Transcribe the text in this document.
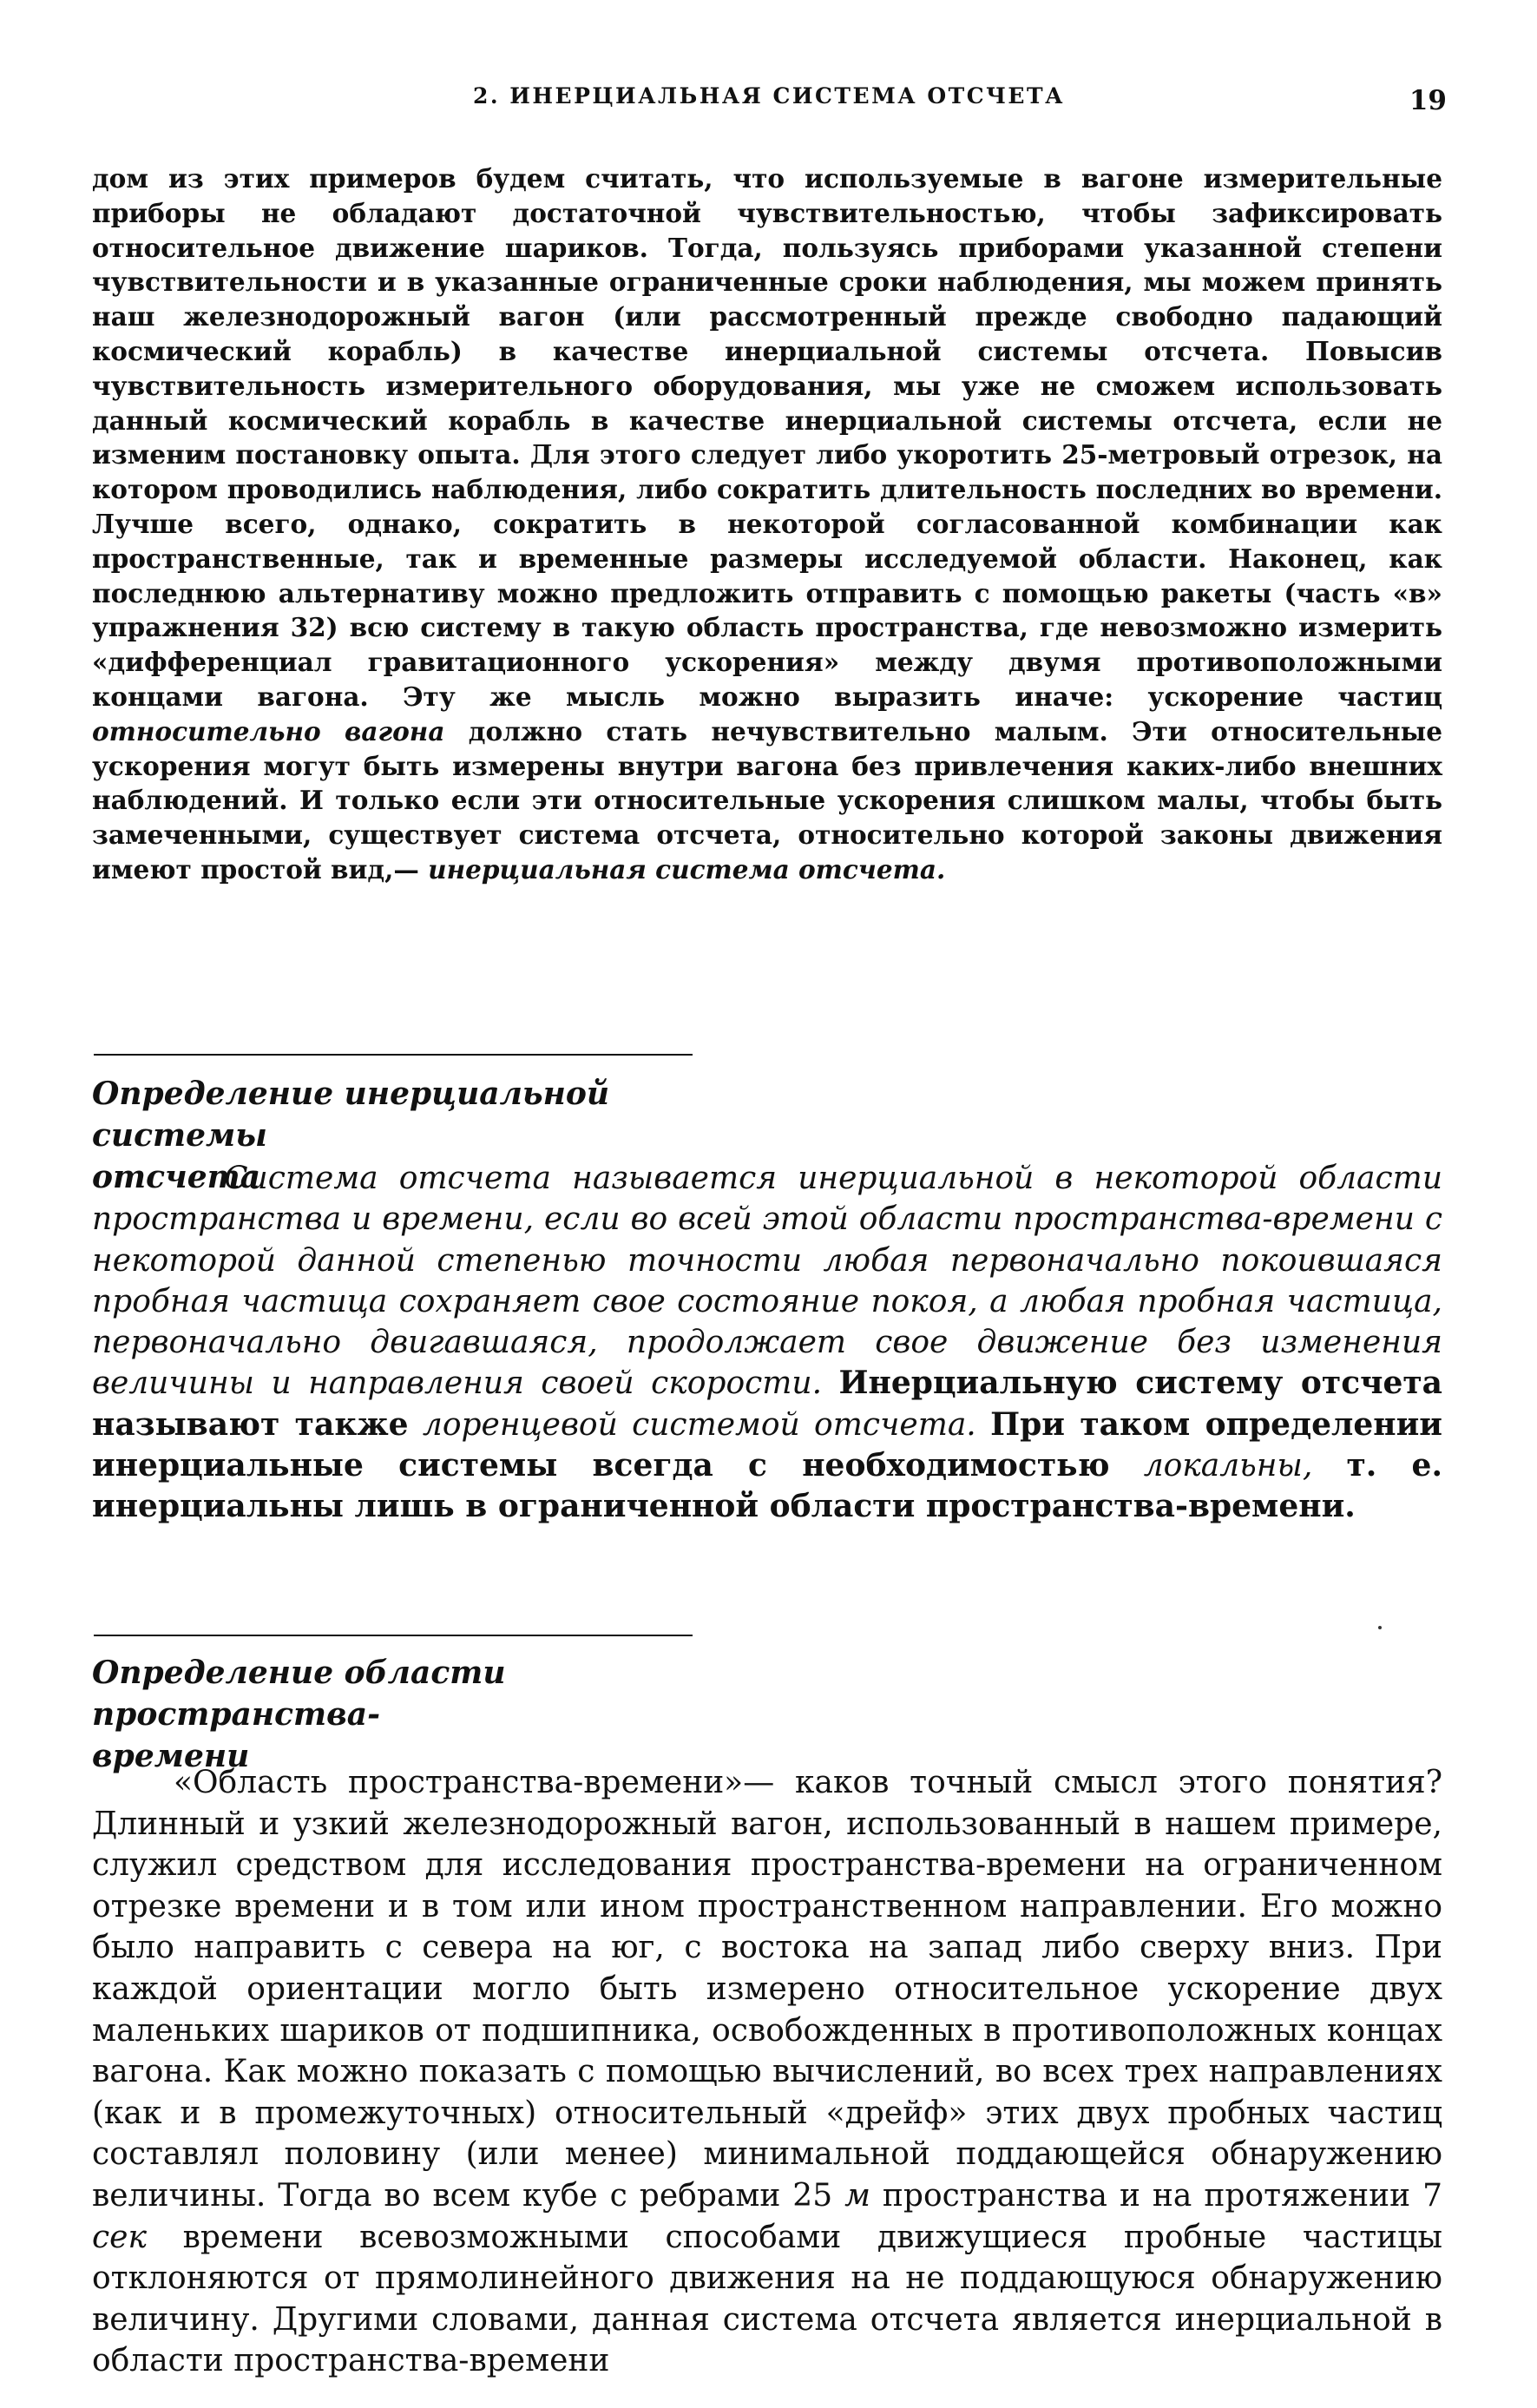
2. ИНЕРЦИАЛЬНАЯ СИСТЕМА ОТСЧЕТА	19

дом из этих примеров будем считать, что используемые в вагоне измерительные приборы не обладают достаточной чувствительностью, чтобы зафиксировать относительное движение шариков. Тогда, пользуясь приборами указанной степени чувствительности и в указанные ограниченные сроки наблюдения, мы можем принять наш железнодорожный вагон (или рассмотренный прежде свободно падающий космический корабль) в качестве инерциальной системы отсчета. Повысив чувствительность измерительного оборудования, мы уже не сможем использовать данный космический корабль в качестве инерциальной системы отсчета, если не изменим постановку опыта. Для этого следует либо укоротить 25-метровый отрезок, на котором проводились наблюдения, либо сократить длительность последних во времени. Лучше всего, однако, сократить в некоторой согласованной комбинации как пространственные, так и временные размеры исследуемой области. Наконец, как последнюю альтернативу можно предложить отправить с помощью ракеты (часть «в» упражнения 32) всю систему в такую область пространства, где невозможно измерить «дифференциал гравитационного ускорения» между двумя противоположными концами вагона. Эту же мысль можно выразить иначе: ускорение частиц относительно вагона должно стать нечувствительно малым. Эти относительные ускорения могут быть измерены внутри вагона без привлечения каких-либо внешних наблюдений. И только если эти относительные ускорения слишком малы, чтобы быть замеченными, существует система отсчета, относительно которой законы движения имеют простой вид,— инерциальная система отсчета.

Определение инерциальной системы
отсчета

Система отсчета называется инерциальной в некоторой области пространства и времени, если во всей этой области пространства-времени с некоторой данной степенью точности любая первоначально покоившаяся пробная частица сохраняет свое состояние покоя, а любая пробная частица, первоначально двигавшаяся, продолжает свое движение без изменения величины и направления своей скорости. Инерциальную систему отсчета называют также лоренцевой системой отсчета. При таком определении инерциальные системы всегда с необходимостью локальны, т. е. инерциальны лишь в ограниченной области пространства-времени.

Определение области пространства-
времени

«Область пространства-времени»— каков точный смысл этого понятия? Длинный и узкий железнодорожный вагон, использованный в нашем примере, служил средством для исследования пространства-времени на ограниченном отрезке времени и в том или ином пространственном направлении. Его можно было направить с севера на юг, с востока на запад либо сверху вниз. При каждой ориентации могло быть измерено относительное ускорение двух маленьких шариков от подшипника, освобожденных в противоположных концах вагона. Как можно показать с помощью вычислений, во всех трех направлениях (как и в промежуточных) относительный «дрейф» этих двух пробных частиц составлял половину (или менее) минимальной поддающейся обнаружению величины. Тогда во всем кубе с ребрами 25 м пространства и на протяжении 7 сек времени всевозможными способами движущиеся пробные частицы отклоняются от прямолинейного движения на не поддающуюся обнаружению величину. Другими словами, данная система отсчета является инерциальной в области пространства-времени
